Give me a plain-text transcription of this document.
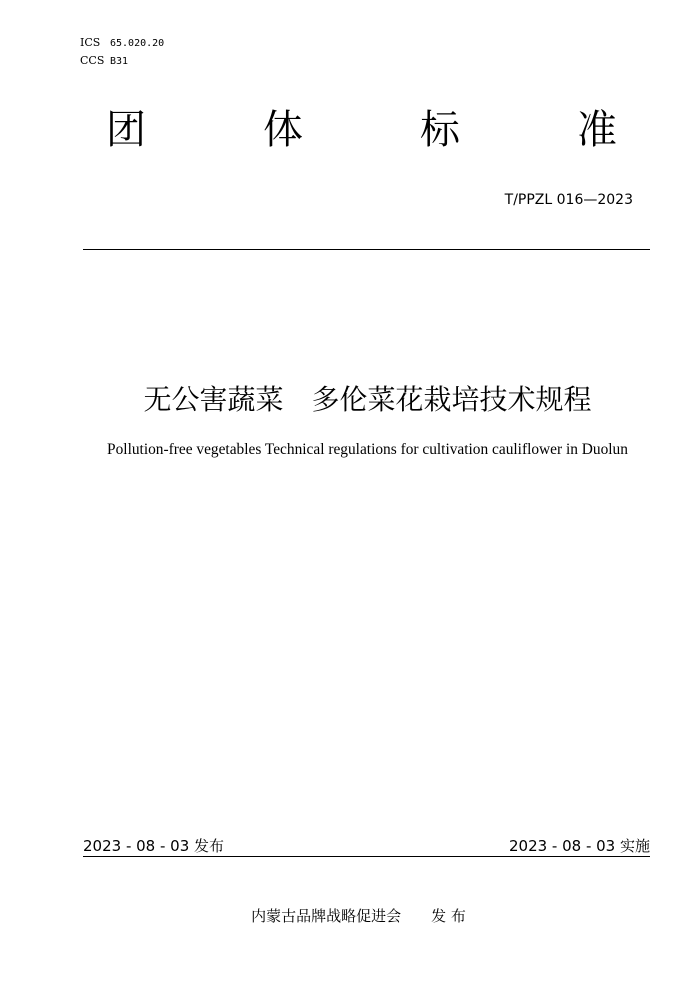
ICS 65.020.20
CCS B31
团	体	标	准
T/PPZL 016—2023
无公害蔬菜　多伦菜花栽培技术规程
Pollution-free vegetables Technical regulations for cultivation cauliflower in Duolun
2023 - 08 - 03 发布	2023 - 08 - 03 实施
内蒙古品牌战略促进会　　发 布
